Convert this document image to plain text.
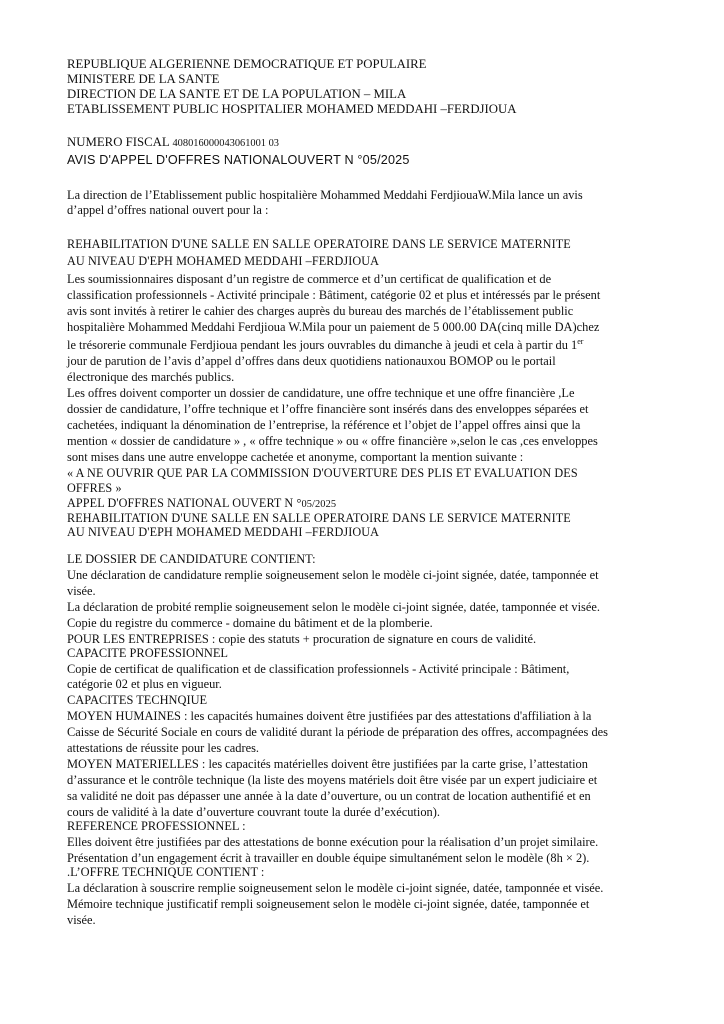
REPUBLIQUE ALGERIENNE DEMOCRATIQUE ET POPULAIRE

MINISTERE DE LA SANTE

DIRECTION DE LA SANTE ET DE LA POPULATION – MILA

ETABLISSEMENT PUBLIC HOSPITALIER MOHAMED MEDDAHI –FERDJIOUA

NUMERO FISCAL 408016000043061001 03

AVIS D'APPEL D'OFFRES NATIONALOUVERT N °05/2025

La direction de l’Etablissement public hospitalière Mohammed Meddahi FerdjiouaW.Mila lance un avis

d’appel d’offres national ouvert pour la :

REHABILITATION D'UNE SALLE EN SALLE OPERATOIRE DANS LE SERVICE MATERNITE

AU NIVEAU D'EPH MOHAMED MEDDAHI –FERDJIOUA

Les soumissionnaires disposant d’un registre de commerce et d’un certificat de qualification et de

classification professionnels - Activité principale : Bâtiment, catégorie 02 et plus et intéressés par le présent

avis sont invités à retirer le cahier des charges auprès du bureau des marchés de l’établissement public

hospitalière Mohammed Meddahi Ferdjioua W.Mila pour un paiement de 5 000.00 DA(cinq mille DA)chez

le trésorerie communale Ferdjioua pendant les jours ouvrables du dimanche à jeudi et cela à partir du 1er

jour de parution de l’avis d’appel d’offres dans deux quotidiens nationauxou BOMOP ou le portail

électronique des marchés publics.

Les offres doivent comporter un dossier de candidature, une offre technique et une offre financière ,Le

dossier de candidature, l’offre technique et l’offre financière sont insérés dans des enveloppes séparées et

cachetées, indiquant la dénomination de l’entreprise, la référence et l’objet de l’appel offres ainsi que la

mention « dossier de candidature » , « offre technique » ou « offre financière »,selon le cas ,ces enveloppes

sont mises dans une autre enveloppe cachetée et anonyme, comportant la mention suivante :

« A NE OUVRIR QUE PAR LA COMMISSION D'OUVERTURE DES PLIS ET EVALUATION DES

OFFRES »

APPEL D'OFFRES NATIONAL OUVERT N °05/2025

REHABILITATION D'UNE SALLE EN SALLE OPERATOIRE DANS LE SERVICE MATERNITE

AU NIVEAU D'EPH MOHAMED MEDDAHI –FERDJIOUA

LE DOSSIER DE CANDIDATURE CONTIENT:

Une déclaration de candidature remplie soigneusement selon le modèle ci-joint signée, datée, tamponnée et

visée.

La déclaration de probité remplie soigneusement selon le modèle ci-joint signée, datée, tamponnée et visée.

Copie du registre du commerce - domaine du bâtiment et de la plomberie.

POUR LES ENTREPRISES : copie des statuts + procuration de signature en cours de validité.

CAPACITE PROFESSIONNEL

Copie de certificat de qualification et de classification professionnels - Activité principale : Bâtiment,

catégorie 02 et plus en vigueur.

CAPACITES TECHNQIUE

MOYEN HUMAINES : les capacités humaines doivent être justifiées par des attestations d'affiliation à la

Caisse de Sécurité Sociale en cours de validité durant la période de préparation des offres, accompagnées des

attestations de réussite pour les cadres.

MOYEN MATERIELLES : les capacités matérielles doivent être justifiées par la carte grise, l’attestation

d’assurance et le contrôle technique (la liste des moyens matériels doit être visée par un expert judiciaire et

sa validité ne doit pas dépasser une année à la date d’ouverture, ou un contrat de location authentifié et en

cours de validité à la date d’ouverture couvrant toute la durée d’exécution).

REFERENCE PROFESSIONNEL :

Elles doivent être justifiées par des attestations de bonne exécution pour la réalisation d’un projet similaire.

Présentation d’un engagement écrit à travailler en double équipe simultanément selon le modèle (8h × 2).

.L’OFFRE TECHNIQUE CONTIENT :

La déclaration à souscrire remplie soigneusement selon le modèle ci-joint signée, datée, tamponnée et visée.

Mémoire technique justificatif rempli soigneusement selon le modèle ci-joint signée, datée, tamponnée et

visée.
